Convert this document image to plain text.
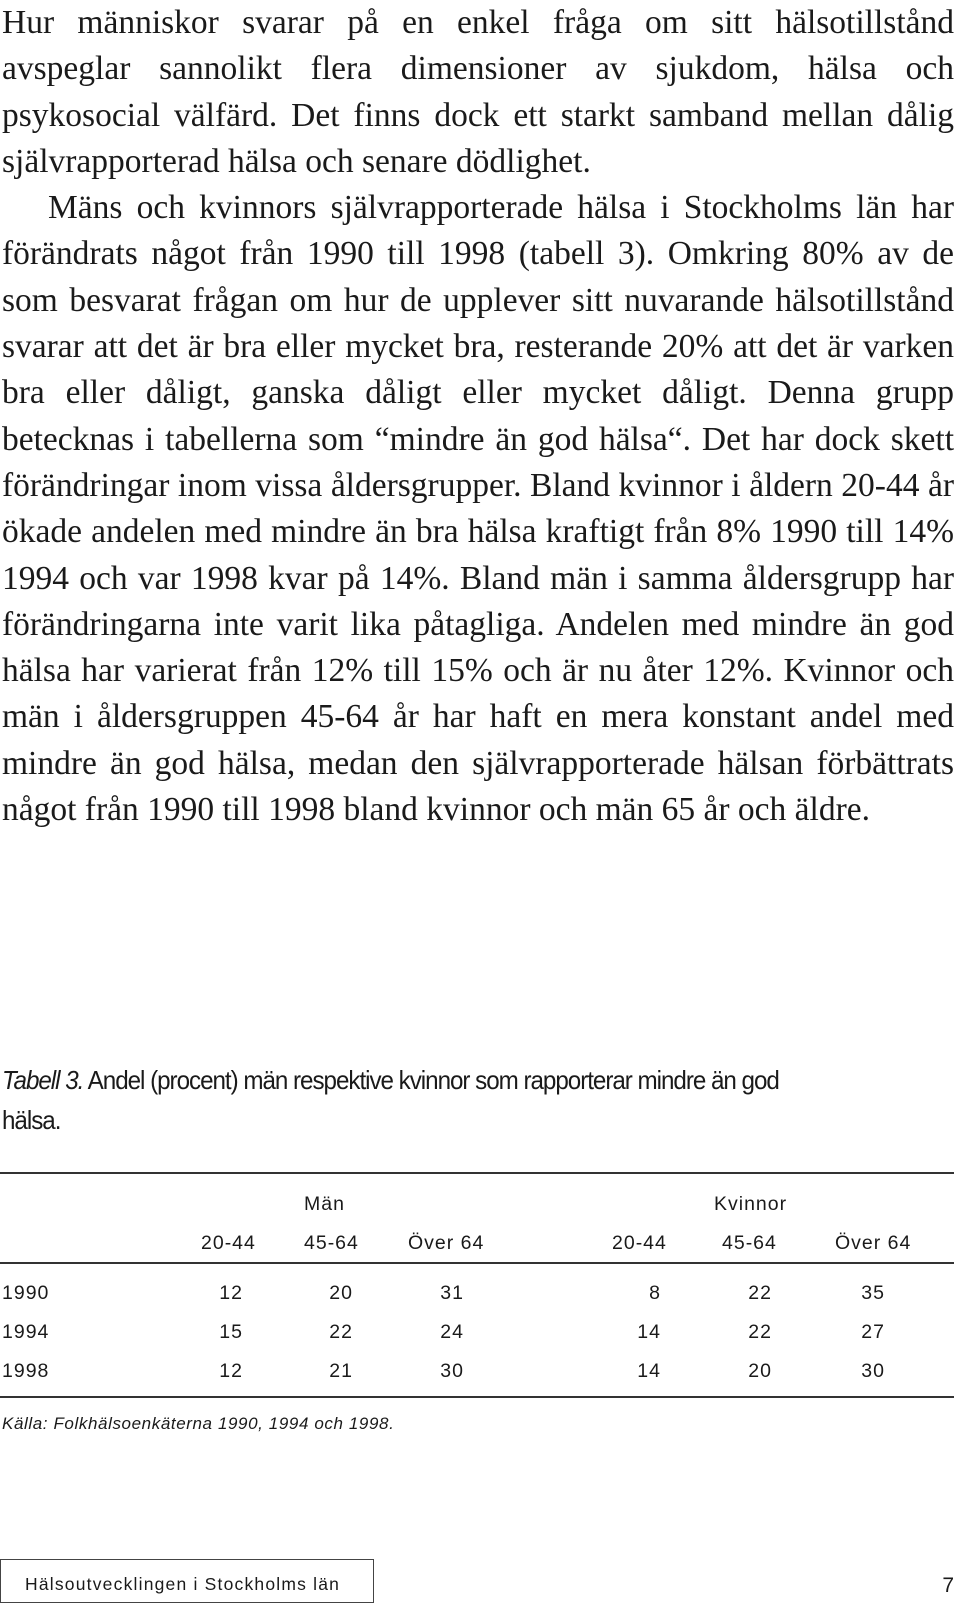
Hur människor svarar på en enkel fråga om sitt hälsotillstånd avspeglar sannolikt flera dimensioner av sjukdom, hälsa och psykosocial välfärd. Det finns dock ett starkt samband mellan dålig självrapporterad hälsa och senare dödlighet.

Mäns och kvinnors självrapporterade hälsa i Stockholms län har förändrats något från 1990 till 1998 (tabell 3). Omkring 80% av de som besvarat frågan om hur de upplever sitt nuvarande hälsotillstånd svarar att det är bra eller mycket bra, resterande 20% att det är varken bra eller dåligt, ganska dåligt eller mycket dåligt. Denna grupp betecknas i tabellerna som “mindre än god hälsa“. Det har dock skett förändringar inom vissa åldersgrupper. Bland kvinnor i åldern 20-44 år ökade andelen med mindre än bra hälsa kraftigt från 8% 1990 till 14% 1994 och var 1998 kvar på 14%. Bland män i samma åldersgrupp har förändringarna inte varit lika påtagliga. Andelen med mindre än god hälsa har varierat från 12% till 15% och är nu åter 12%. Kvinnor och män i åldersgruppen 45-64 år har haft en mera konstant andel med mindre än god hälsa, medan den självrapporterade hälsan förbättrats något från 1990 till 1998 bland kvinnor och män 65 år och äldre.

Tabell 3. Andel (procent) män respektive kvinnor som rapporterar mindre än god hälsa.
Män	Kvinnor
20-44 45-64	Över 64	20-44	45-64	Över 64
1990	12	20	31	8	22	35
1994	15	22	24	14	22	27
1998	12	21	30	14	20	30
Källa: Folkhälsoenkäterna 1990, 1994 och 1998.
Hälsoutvecklingen i Stockholms län	7
